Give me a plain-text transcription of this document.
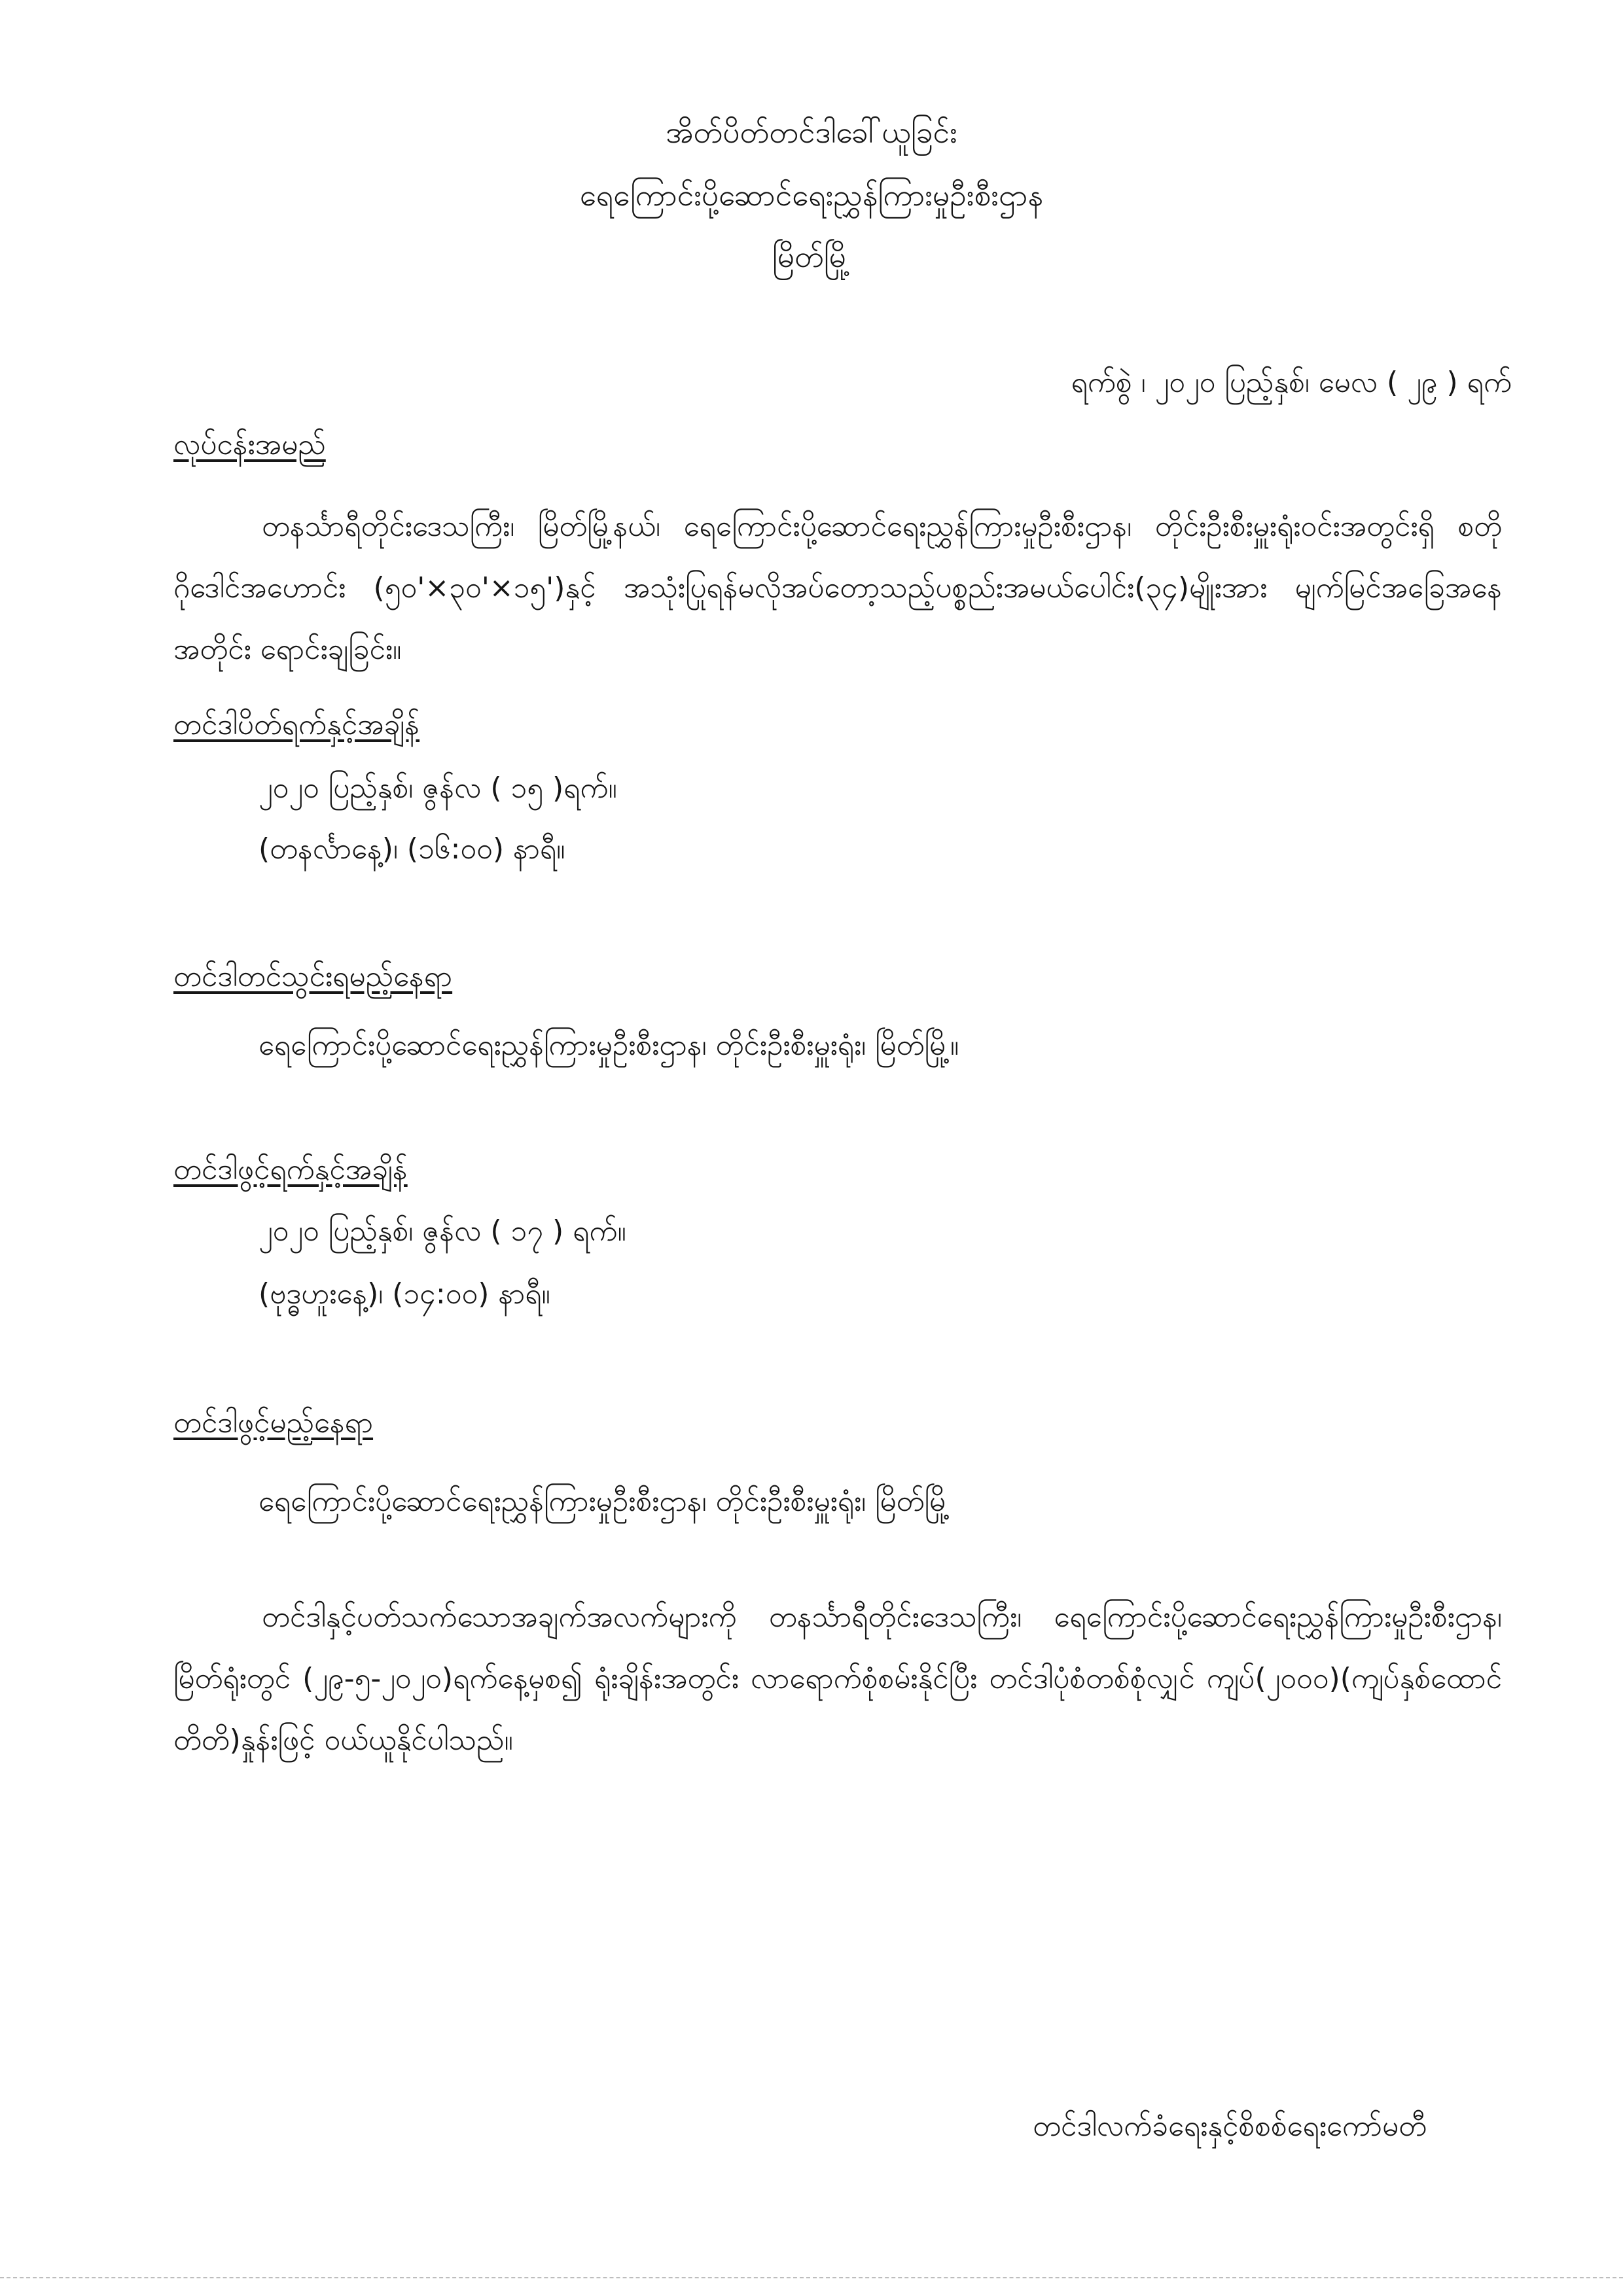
အိတ်ပိတ်တင်ဒါခေါ်ယူခြင်း
ရေကြောင်းပို့ဆောင်ရေးညွှန်ကြားမှုဦးစီးဌာန
မြိတ်မြို့
ရက်စွဲ ၊ ၂၀၂၀ ပြည့်နှစ်၊ မေလ ( ၂၉ ) ရက်
လုပ်ငန်းအမည်

တနင်္သာရီတိုင်းဒေသကြီး၊ မြိတ်မြို့နယ်၊ ရေကြောင်းပို့ဆောင်ရေးညွှန်ကြားမှုဦးစီးဌာန၊ တိုင်းဦးစီးမှူးရုံးဝင်းအတွင်းရှိ စတိုဂိုဒေါင်အဟောင်း (၅၀'×၃၀'×၁၅')နှင့် အသုံးပြုရန်မလိုအပ်တော့သည့်ပစ္စည်းအမယ်ပေါင်း(၃၄)မျိုးအား မျက်မြင်အခြေအနေအတိုင်း ရောင်းချခြင်း။

တင်ဒါပိတ်ရက်နှင့်အချိန်
၂၀၂၀ ပြည့်နှစ်၊ ဇွန်လ ( ၁၅ )ရက်။
(တနင်္လာနေ့)၊ (၁၆:၀၀) နာရီ။
တင်ဒါတင်သွင်းရမည့်နေရာ
ရေကြောင်းပို့ဆောင်ရေးညွှန်ကြားမှုဦးစီးဌာန၊ တိုင်းဦးစီးမှူးရုံး၊ မြိတ်မြို့။
တင်ဒါဖွင့်ရက်နှင့်အချိန်
၂၀၂၀ ပြည့်နှစ်၊ ဇွန်လ ( ၁၇ ) ရက်။
(ဗုဒ္ဓဟူးနေ့)၊ (၁၄:၀၀) နာရီ။
တင်ဒါဖွင့်မည့်နေရာ
ရေကြောင်းပို့ဆောင်ရေးညွှန်ကြားမှုဦးစီးဌာန၊ တိုင်းဦးစီးမှူးရုံး၊ မြိတ်မြို့

တင်ဒါနှင့်ပတ်သက်သောအချက်အလက်များကို တနင်္သာရီတိုင်းဒေသကြီး၊ ရေကြောင်းပို့ဆောင်ရေးညွှန်ကြားမှုဦးစီးဌာန၊ မြိတ်ရုံးတွင် (၂၉-၅-၂၀၂၀)ရက်နေ့မှစ၍ ရုံးချိန်းအတွင်း လာရောက်စုံစမ်းနိုင်ပြီး တင်ဒါပုံစံတစ်စုံလျှင် ကျပ်(၂၀၀၀)(ကျပ်နှစ်ထောင်တိတိ)နှုန်းဖြင့် ဝယ်ယူနိုင်ပါသည်။

တင်ဒါလက်ခံရေးနှင့်စိစစ်ရေးကော်မတီ
